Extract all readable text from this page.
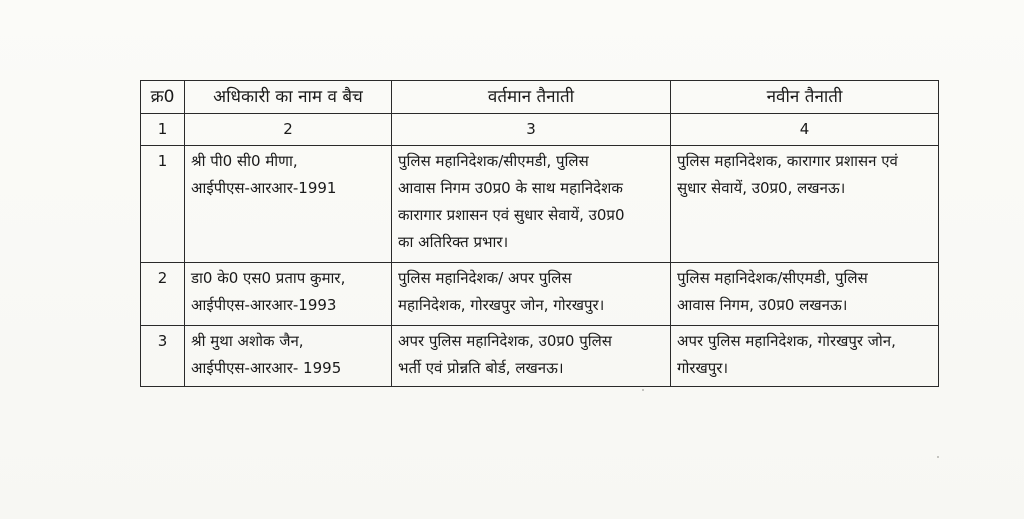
क्र0	अधिकारी का नाम व बैच	वर्तमान तैनाती	नवीन तैनाती
1	2	3	4
1	श्री पी0 सी0 मीणा,
आईपीएस-आरआर-1991	पुलिस महानिदेशक/सीएमडी, पुलिस
आवास निगम उ0प्र0 के साथ महानिदेशक
कारागार प्रशासन एवं सुधार सेवायें, उ0प्र0
का अतिरिक्त प्रभार।	पुलिस महानिदेशक, कारागार प्रशासन एवं
सुधार सेवायें, उ0प्र0, लखनऊ।

2	डा0 के0 एस0 प्रताप कुमार,
आईपीएस-आरआर-1993	पुलिस महानिदेशक/ अपर पुलिस
महानिदेशक, गोरखपुर जोन, गोरखपुर।	पुलिस महानिदेशक/सीएमडी, पुलिस
आवास निगम, उ0प्र0 लखनऊ।

3	श्री मुथा अशोक जैन,
आईपीएस-आरआर- 1995	अपर पुलिस महानिदेशक, उ0प्र0 पुलिस
भर्ती एवं प्रोन्नति बोर्ड, लखनऊ।	अपर पुलिस महानिदेशक, गोरखपुर जोन,
गोरखपुर।
